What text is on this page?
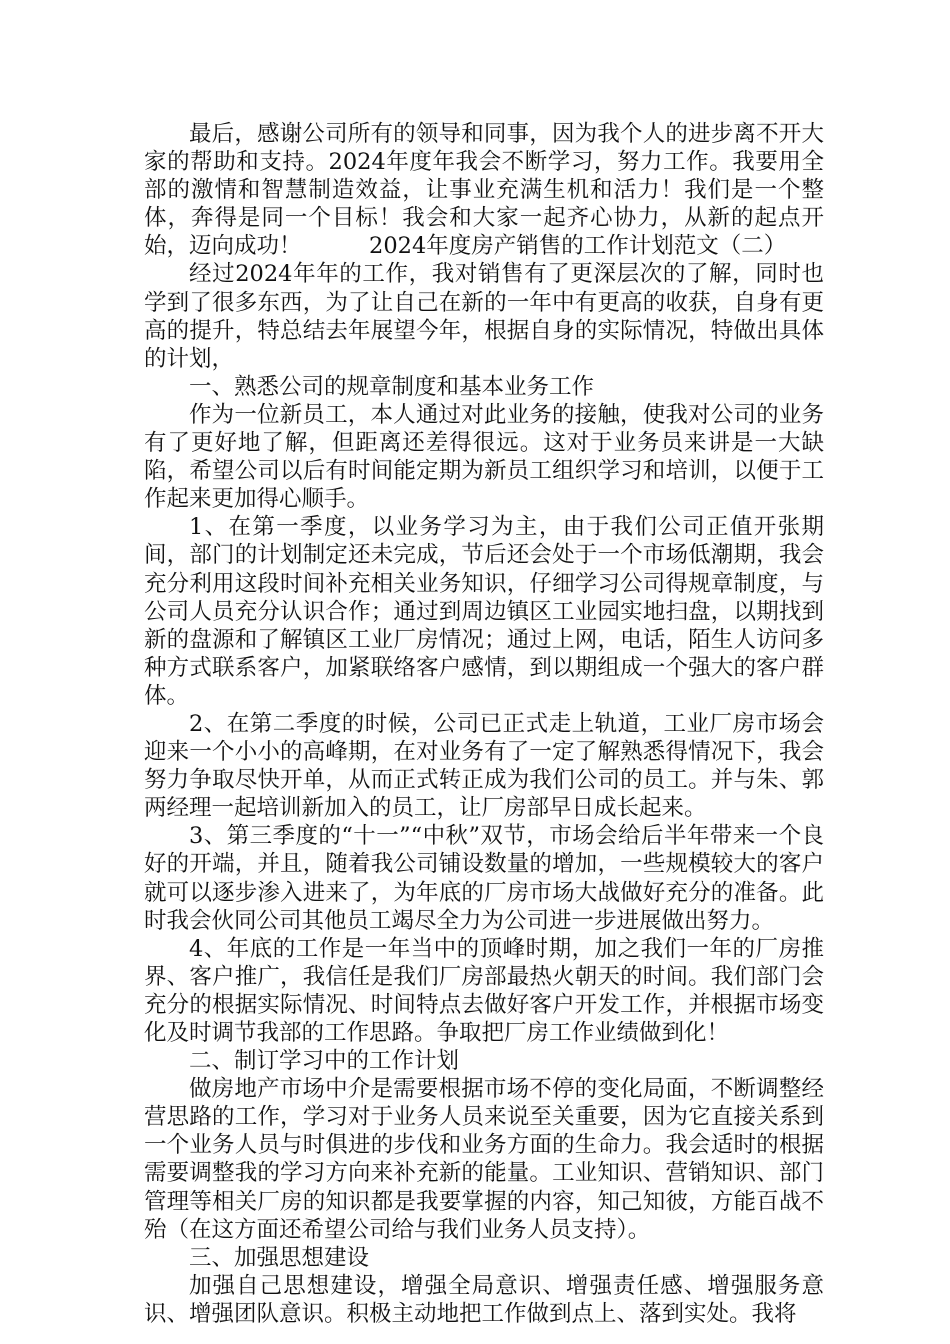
最后，感谢公司所有的领导和同事，因为我个人的进步离不开大家的帮助和支持。2024年度年我会不断学习，努力工作。我要用全部的激情和智慧制造效益，让事业充满生机和活力！我们是一个整体，奔得是同一个目标！我会和大家一起齐心协力，从新的起点开始，迈向成功！　　　2024年度房产销售的工作计划范文（二）

经过2024年年的工作，我对销售有了更深层次的了解，同时也学到了很多东西，为了让自己在新的一年中有更高的收获，自身有更高的提升，特总结去年展望今年，根据自身的实际情况，特做出具体的计划，

一、熟悉公司的规章制度和基本业务工作

作为一位新员工，本人通过对此业务的接触，使我对公司的业务有了更好地了解，但距离还差得很远。这对于业务员来讲是一大缺陷，希望公司以后有时间能定期为新员工组织学习和培训，以便于工作起来更加得心顺手。

1、在第一季度，以业务学习为主，由于我们公司正值开张期间，部门的计划制定还未完成，节后还会处于一个市场低潮期，我会充分利用这段时间补充相关业务知识，仔细学习公司得规章制度，与公司人员充分认识合作；通过到周边镇区工业园实地扫盘，以期找到新的盘源和了解镇区工业厂房情况；通过上网，电话，陌生人访问多种方式联系客户，加紧联络客户感情，到以期组成一个强大的客户群体。

2、在第二季度的时候，公司已正式走上轨道，工业厂房市场会迎来一个小小的高峰期，在对业务有了一定了解熟悉得情况下，我会努力争取尽快开单，从而正式转正成为我们公司的员工。并与朱、郭两经理一起培训新加入的员工，让厂房部早日成长起来。

3、第三季度的“十一”“中秋”双节，市场会给后半年带来一个良好的开端，并且，随着我公司铺设数量的增加，一些规模较大的客户就可以逐步渗入进来了，为年底的厂房市场大战做好充分的准备。此时我会伙同公司其他员工竭尽全力为公司进一步进展做出努力。

4、年底的工作是一年当中的顶峰时期，加之我们一年的厂房推界、客户推广，我信任是我们厂房部最热火朝天的时间。我们部门会充分的根据实际情况、时间特点去做好客户开发工作，并根据市场变化及时调节我部的工作思路。争取把厂房工作业绩做到化！

二、制订学习中的工作计划

做房地产市场中介是需要根据市场不停的变化局面，不断调整经营思路的工作，学习对于业务人员来说至关重要，因为它直接关系到一个业务人员与时俱进的步伐和业务方面的生命力。我会适时的根据需要调整我的学习方向来补充新的能量。工业知识、营销知识、部门管理等相关厂房的知识都是我要掌握的内容，知己知彼，方能百战不殆（在这方面还希望公司给与我们业务人员支持）。

三、加强思想建设

加强自己思想建设，增强全局意识、增强责任感、增强服务意识、增强团队意识。积极主动地把工作做到点上、落到实处。我将
